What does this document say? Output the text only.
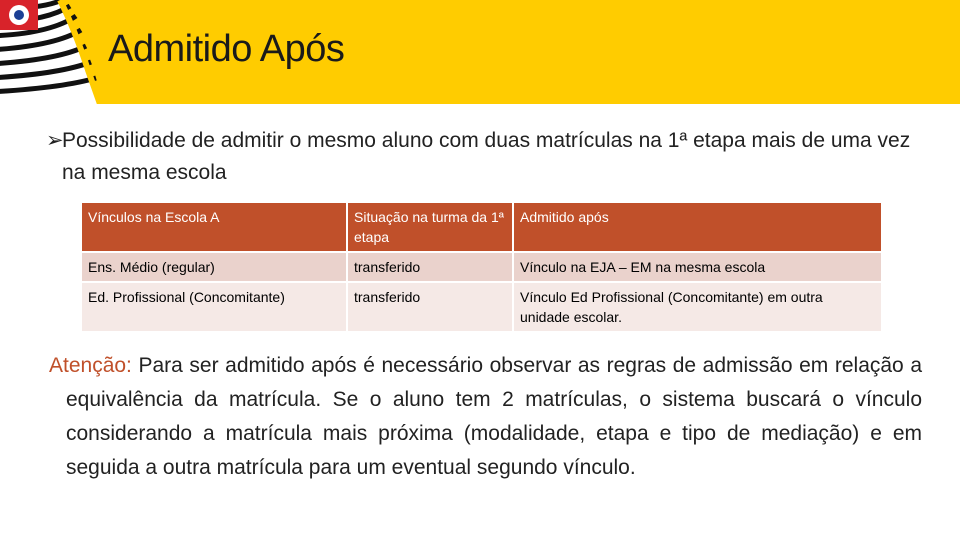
Admitido Após
➢Possibilidade de admitir o mesmo aluno com duas matrículas na 1ª etapa mais de uma vez na mesma escola
Vínculos na Escola A	Situação na turma da 1ª etapa	Admitido após
Ens. Médio (regular)	transferido	Vínculo na EJA – EM na mesma escola
Ed. Profissional (Concomitante)	transferido	Vínculo Ed Profissional (Concomitante) em outra unidade escolar.
Atenção: Para ser admitido após é necessário observar as regras de admissão em relação a equivalência da matrícula. Se o aluno tem 2 matrículas, o sistema buscará o vínculo considerando a matrícula mais próxima (modalidade, etapa e tipo de mediação) e em seguida a outra matrícula para um eventual segundo vínculo.
